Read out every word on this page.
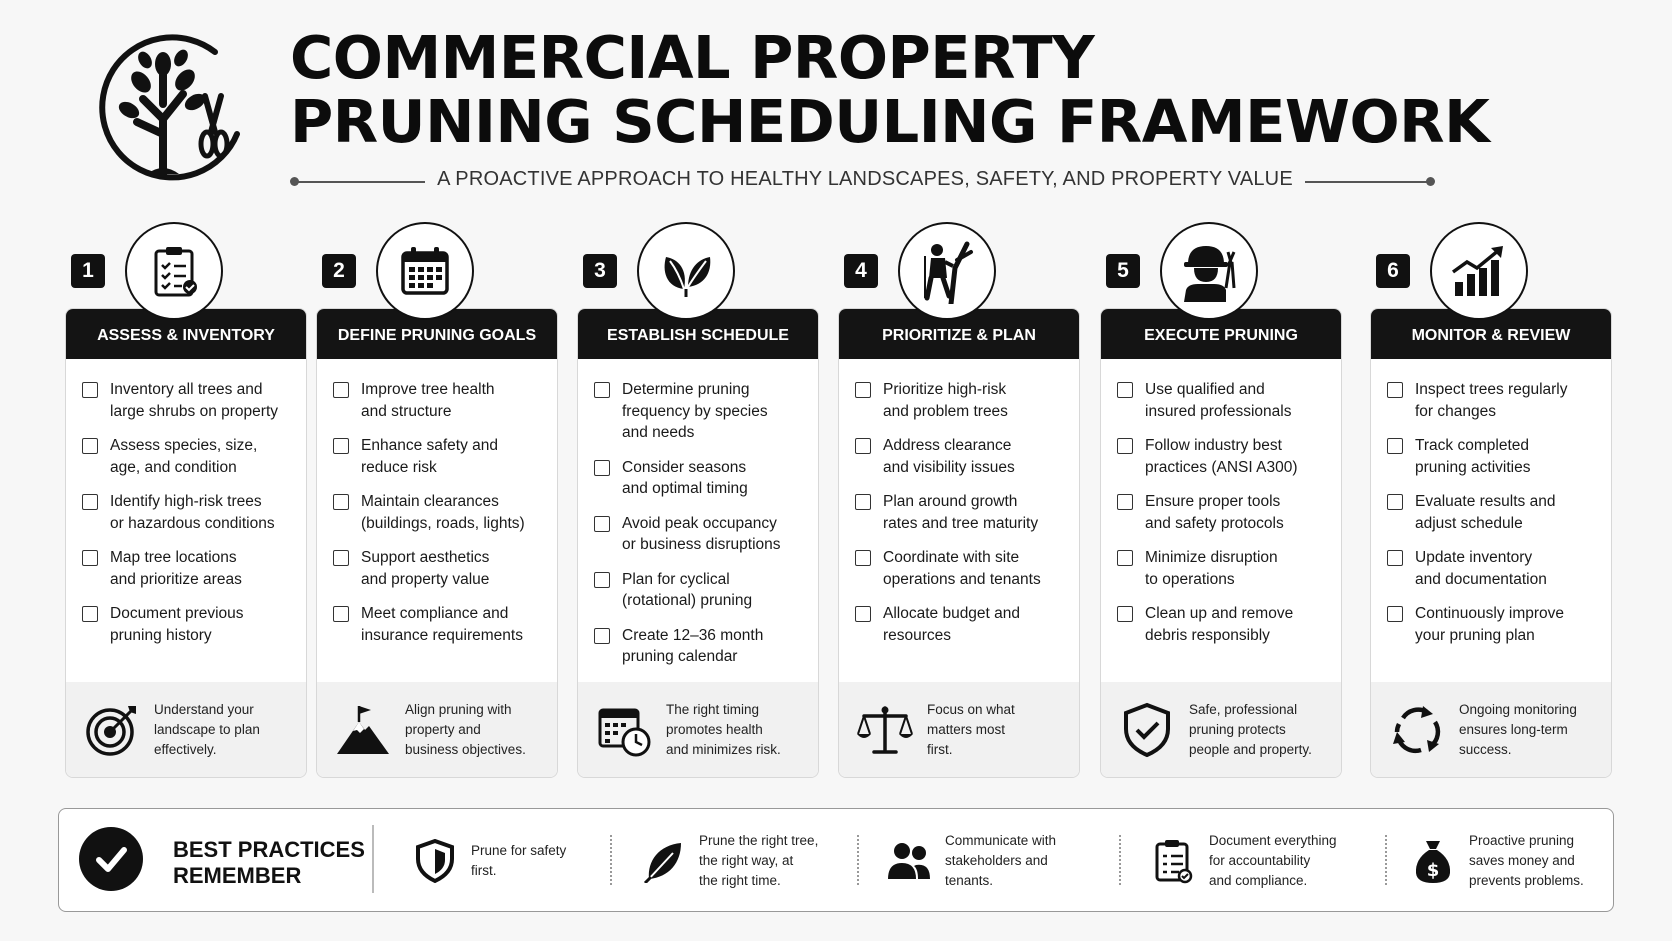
COMMERCIAL PROPERTY
PRUNING SCHEDULING FRAMEWORK
A PROACTIVE APPROACH TO HEALTHY LANDSCAPES, SAFETY, AND PROPERTY VALUE
1
ASSESS & INVENTORY
Inventory all trees and
large shrubs on property
Assess species, size,
age, and condition
Identify high-risk trees
or hazardous conditions
Map tree locations
and prioritize areas
Document previous
pruning history
Understand your
landscape to plan
effectively.
2
DEFINE PRUNING GOALS
Improve tree health
and structure
Enhance safety and
reduce risk
Maintain clearances
(buildings, roads, lights)
Support aesthetics
and property value
Meet compliance and
insurance requirements
Align pruning with
property and
business objectives.
3
ESTABLISH SCHEDULE
Determine pruning
frequency by species
and needs
Consider seasons
and optimal timing
Avoid peak occupancy
or business disruptions
Plan for cyclical
(rotational) pruning
Create 12–36 month
pruning calendar
The right timing
promotes health
and minimizes risk.
4
PRIORITIZE & PLAN
Prioritize high-risk
and problem trees
Address clearance
and visibility issues
Plan around growth
rates and tree maturity
Coordinate with site
operations and tenants
Allocate budget and
resources
Focus on what
matters most
first.
5
EXECUTE PRUNING
Use qualified and
insured professionals
Follow industry best
practices (ANSI A300)
Ensure proper tools
and safety protocols
Minimize disruption
to operations
Clean up and remove
debris responsibly
Safe, professional
pruning protects
people and property.
6
MONITOR & REVIEW
Inspect trees regularly
for changes
Track completed
pruning activities
Evaluate results and
adjust schedule
Update inventory
and documentation
Continuously improve
your pruning plan
Ongoing monitoring
ensures long-term
success.
BEST PRACTICES
REMEMBER
Prune for safety
first.
Prune the right tree,
the right way, at
the right time.
Communicate with
stakeholders and
tenants.
Document everything
for accountability
and compliance.	$
Proactive pruning
saves money and
prevents problems.
